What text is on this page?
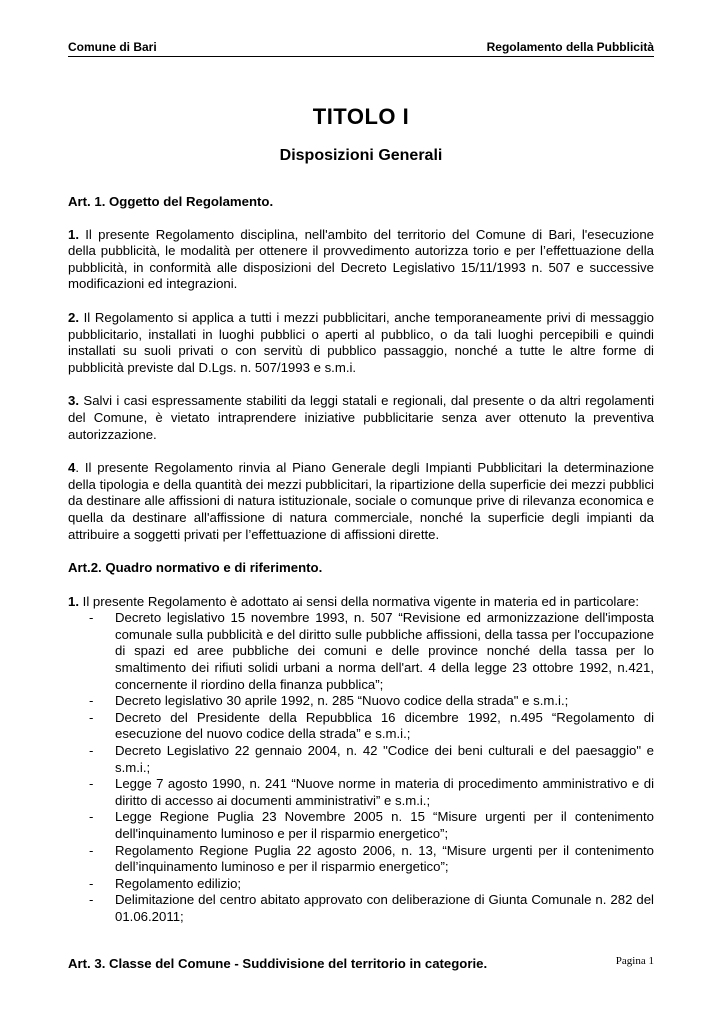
Comune di Bari	Regolamento della Pubblicità
TITOLO I
Disposizioni Generali
Art. 1. Oggetto del Regolamento.

1. Il presente Regolamento disciplina, nell'ambito del territorio del Comune di Bari, l'esecuzione della pubblicità, le modalità per ottenere il provvedimento autorizza torio e per l’effettuazione della pubblicità, in conformità alle disposizioni del Decreto Legislativo 15/11/1993 n. 507 e successive modificazioni ed integrazioni.

2. Il Regolamento si applica a tutti i mezzi pubblicitari, anche temporaneamente privi di messaggio pubblicitario, installati in luoghi pubblici o aperti al pubblico, o da tali luoghi percepibili e quindi installati su suoli privati o con servitù di pubblico passaggio, nonché a tutte le altre forme di pubblicità previste dal D.Lgs. n. 507/1993 e s.m.i.

3. Salvi i casi espressamente stabiliti da leggi statali e regionali, dal presente o da altri regolamenti del Comune, è vietato intraprendere iniziative pubblicitarie senza aver ottenuto la preventiva autorizzazione.

4. Il presente Regolamento rinvia al Piano Generale degli Impianti Pubblicitari la determinazione della tipologia e della quantità dei mezzi pubblicitari, la ripartizione della superficie dei mezzi pubblici da destinare alle affissioni di natura istituzionale, sociale o comunque prive di rilevanza economica e quella da destinare all'affissione di natura commerciale, nonché la superficie degli impianti da attribuire a soggetti privati per l’effettuazione di affissioni dirette.

Art.2. Quadro normativo e di riferimento.

1. Il presente Regolamento è adottato ai sensi della normativa vigente in materia ed in particolare:

- Decreto legislativo 15 novembre 1993, n. 507 “Revisione ed armonizzazione dell'imposta comunale sulla pubblicità e del diritto sulle pubbliche affissioni, della tassa per l'occupazione di spazi ed aree pubbliche dei comuni e delle province nonché della tassa per lo smaltimento dei rifiuti solidi urbani a norma dell'art. 4 della legge 23 ottobre 1992, n.421, concernente il riordino della finanza pubblica”;
- Decreto legislativo 30 aprile 1992, n. 285 “Nuovo codice della strada" e s.m.i.;
- Decreto del Presidente della Repubblica 16 dicembre 1992, n.495 “Regolamento di esecuzione del nuovo codice della strada” e s.m.i.;
- Decreto Legislativo 22 gennaio 2004, n. 42 "Codice dei beni culturali e del paesaggio" e s.m.i.;
- Legge 7 agosto 1990, n. 241 “Nuove norme in materia di procedimento amministrativo e di diritto di accesso ai documenti amministrativi” e s.m.i.;
- Legge Regione Puglia 23 Novembre 2005 n. 15 “Misure urgenti per il contenimento dell'inquinamento luminoso e per il risparmio energetico”;
- Regolamento Regione Puglia 22 agosto 2006, n. 13, “Misure urgenti per il contenimento dell’inquinamento luminoso e per il risparmio energetico”;
- Regolamento edilizio;
- Delimitazione del centro abitato approvato con deliberazione di Giunta Comunale n. 282 del 01.06.2011;
Art. 3. Classe del Comune - Suddivisione del territorio in categorie.	Pagina 1
